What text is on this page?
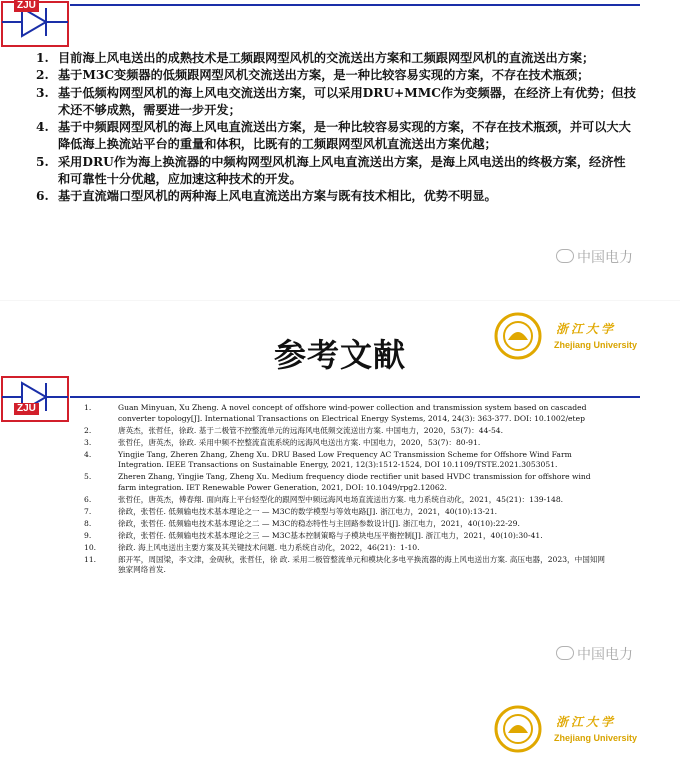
ZJU
1. 目前海上风电送出的成熟技术是工频跟网型风机的交流送出方案和工频跟网型风机的直流送出方案；
2. 基于M3C变频器的低频跟网型风机交流送出方案，是一种比较容易实现的方案，不存在技术瓶颈；
3. 基于低频构网型风机的海上风电交流送出方案，可以采用DRU+MMC作为变频器，在经济上有优势；但技术还不够成熟，需要进一步开发；
4. 基于中频跟网型风机的海上风电直流送出方案，是一种比较容易实现的方案，不存在技术瓶颈，并可以大大降低海上换流站平台的重量和体积，比既有的工频跟网型风机直流送出方案优越；
5. 采用DRU作为海上换流器的中频构网型风机海上风电直流送出方案，是海上风电送出的终极方案，经济性和可靠性十分优越，应加速这种技术的开发。
6. 基于直流端口型风机的两种海上风电直流送出方案与既有技术相比，优势不明显。
中国电力
浙江大学
Zhejiang University
参考文献
ZJU	1.	Guan Minyuan, Xu Zheng. A novel concept of offshore wind-power collection and transmission system based on cascaded converter topology[J]. International Transactions on Electrical Energy Systems, 2014, 24(3): 363-377. DOI: 10.1002/etep
2.	唐英杰，张哲任，徐政. 基于二极管不控整流单元的远海风电低频交流送出方案. 中国电力，2020，53(7)：44-54.
3.	张哲任，唐英杰，徐政. 采用中频不控整流直流系统的远海风电送出方案. 中国电力，2020，53(7)：80-91.
4.	Yingjie Tang, Zheren Zhang, Zheng Xu. DRU Based Low Frequency AC Transmission Scheme for Offshore Wind Farm Integration. IEEE Transactions on Sustainable Energy, 2021, 12(3):1512-1524, DOI 10.1109/TSTE.2021.3053051.
5.	Zheren Zhang, Yingjie Tang, Zheng Xu. Medium frequency diode rectifier unit based HVDC transmission for offshore wind farm integration. IET Renewable Power Generation, 2021, DOI: 10.1049/rpg2.12062.
6.	张哲任，唐英杰，傅春翔. 面向海上平台轻型化的跟网型中频远海风电场直流送出方案. 电力系统自动化，2021，45(21)：139-148.
7.	徐政，张哲任. 低频输电技术基本理论之一 — M3C的数学模型与等效电路[J]. 浙江电力，2021，40(10):13-21.
8.	徐政，张哲任. 低频输电技术基本理论之二 — M3C的稳态特性与主回路参数设计[J]. 浙江电力，2021，40(10):22-29.
9.	徐政，张哲任. 低频输电技术基本理论之三 — M3C基本控制策略与子模块电压平衡控制[J]. 浙江电力，2021，40(10):30-41.
10.	徐政. 海上风电送出主要方案及其关键技术问题. 电力系统自动化，2022，46(21)：1-10.
11.	郎开军，周国梁，李文津，金砚秋，张哲任，徐 政. 采用二极管整流单元和模块化多电平换流器的海上风电送出方案. 高压电器，2023，中国知网独家网络首发.
中国电力
浙江大学
Zhejiang University
